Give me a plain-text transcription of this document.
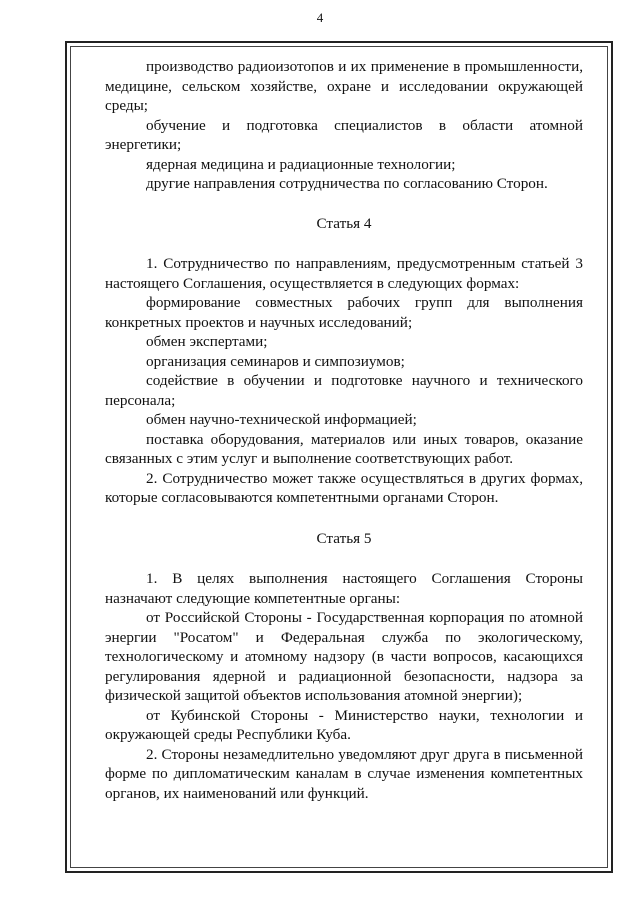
4

производство радиоизотопов и их применение в промышленности, медицине, сельском хозяйстве, охране и исследовании окружающей среды;

обучение и подготовка специалистов в области атомной энергетики;

ядерная медицина и радиационные технологии;

другие направления сотрудничества по согласованию Сторон.

Статья 4

1. Сотрудничество по направлениям, предусмотренным статьей 3 настоящего Соглашения, осуществляется в следующих формах:

формирование совместных рабочих групп для выполнения конкретных проектов и научных исследований;

обмен экспертами;

организация семинаров и симпозиумов;

содействие в обучении и подготовке научного и технического персонала;

обмен научно-технической информацией;

поставка оборудования, материалов или иных товаров, оказание связанных с этим услуг и выполнение соответствующих работ.

2. Сотрудничество может также осуществляться в других формах, которые согласовываются компетентными органами Сторон.

Статья 5

1. В целях выполнения настоящего Соглашения Стороны назначают следующие компетентные органы:

от Российской Стороны - Государственная корпорация по атомной энергии "Росатом" и Федеральная служба по экологическому, технологическому и атомному надзору (в части вопросов, касающихся регулирования ядерной и радиационной безопасности, надзора за физической защитой объектов использования атомной энергии);

от Кубинской Стороны - Министерство науки, технологии и окружающей среды Республики Куба.

2. Стороны незамедлительно уведомляют друг друга в письменной форме по дипломатическим каналам в случае изменения компетентных органов, их наименований или функций.
